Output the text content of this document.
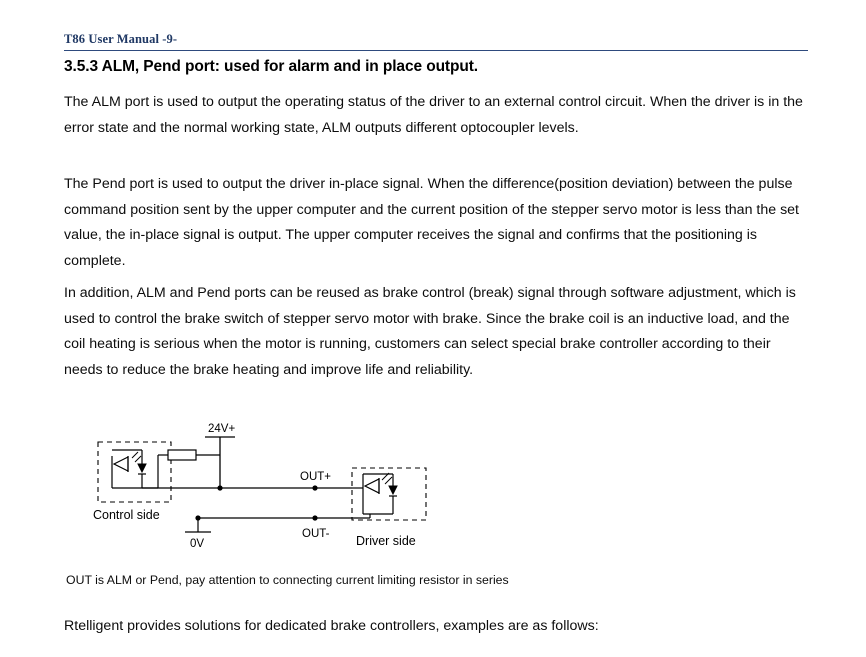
T86 User Manual -9-
3.5.3 ALM, Pend port: used for alarm and in place output.
The ALM port is used to output the operating status of the driver to an external control circuit. When the driver is in the error state and the normal working state, ALM outputs different optocoupler levels.
The Pend port is used to output the driver in-place signal. When the difference(position deviation) between the pulse command position sent by the upper computer and the current position of the stepper servo motor is less than the set value, the in-place signal is output. The upper computer receives the signal and confirms that the positioning is complete.
In addition, ALM and Pend ports can be reused as brake control (break) signal through software adjustment, which is used to control the brake switch of stepper servo motor with brake. Since the brake coil is an inductive load, and the coil heating is serious when the motor is running, customers can select special brake controller according to their needs to reduce the brake heating and improve life and reliability.
24V+
OUT+
OUT-
0V
Control side
Driver side
OUT is ALM or Pend, pay attention to connecting current limiting resistor in series
Rtelligent provides solutions for dedicated brake controllers, examples are as follows:
